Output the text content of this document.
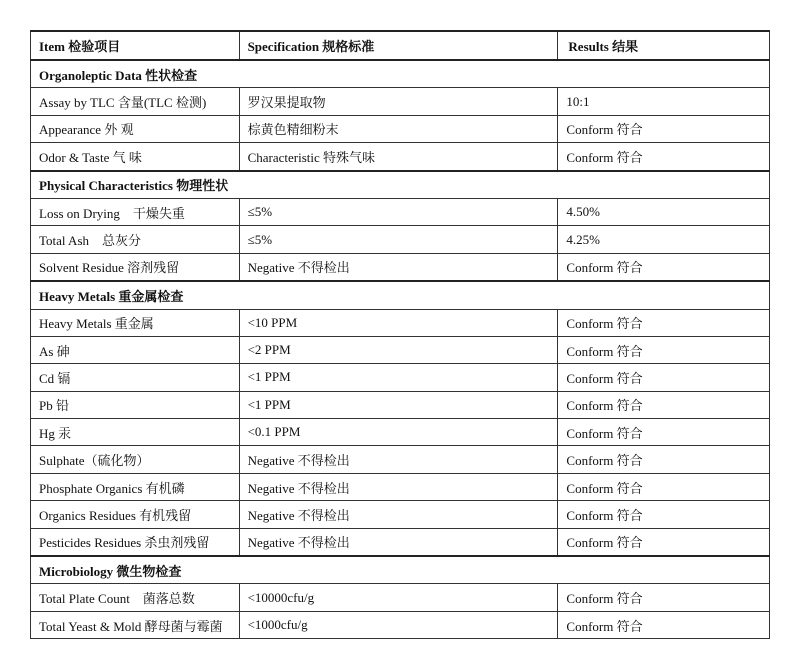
Item 检验项目	Specification 规格标准	Results 结果
Organoleptic Data 性状检查		
Assay by TLC 含量(TLC 检测)	罗汉果提取物	10:1
Appearance 外 观	棕黄色精细粉末	Conform 符合
Odor & Taste 气 味	Characteristic 特殊气味	Conform 符合
Physical Characteristics 物理性状		
Loss on Drying    干燥失重	≤5%	4.50%
Total Ash    总灰分	≤5%	4.25%
Solvent Residue 溶剂残留	Negative 不得检出	Conform 符合
Heavy Metals 重金属检查		
Heavy Metals 重金属	<10 PPM	Conform 符合
As 砷	<2 PPM	Conform 符合
Cd 镉	<1 PPM	Conform 符合
Pb 铅	<1 PPM	Conform 符合
Hg 汞	<0.1 PPM	Conform 符合
Sulphate（硫化物）	Negative 不得检出	Conform 符合
Phosphate Organics 有机磷	Negative 不得检出	Conform 符合
Organics Residues 有机残留	Negative 不得检出	Conform 符合
Pesticides Residues 杀虫剂残留	Negative 不得检出	Conform 符合
Microbiology 微生物检查		
Total Plate Count    菌落总数	<10000cfu/g	Conform 符合
Total Yeast & Mold 酵母菌与霉菌	<1000cfu/g	Conform 符合
